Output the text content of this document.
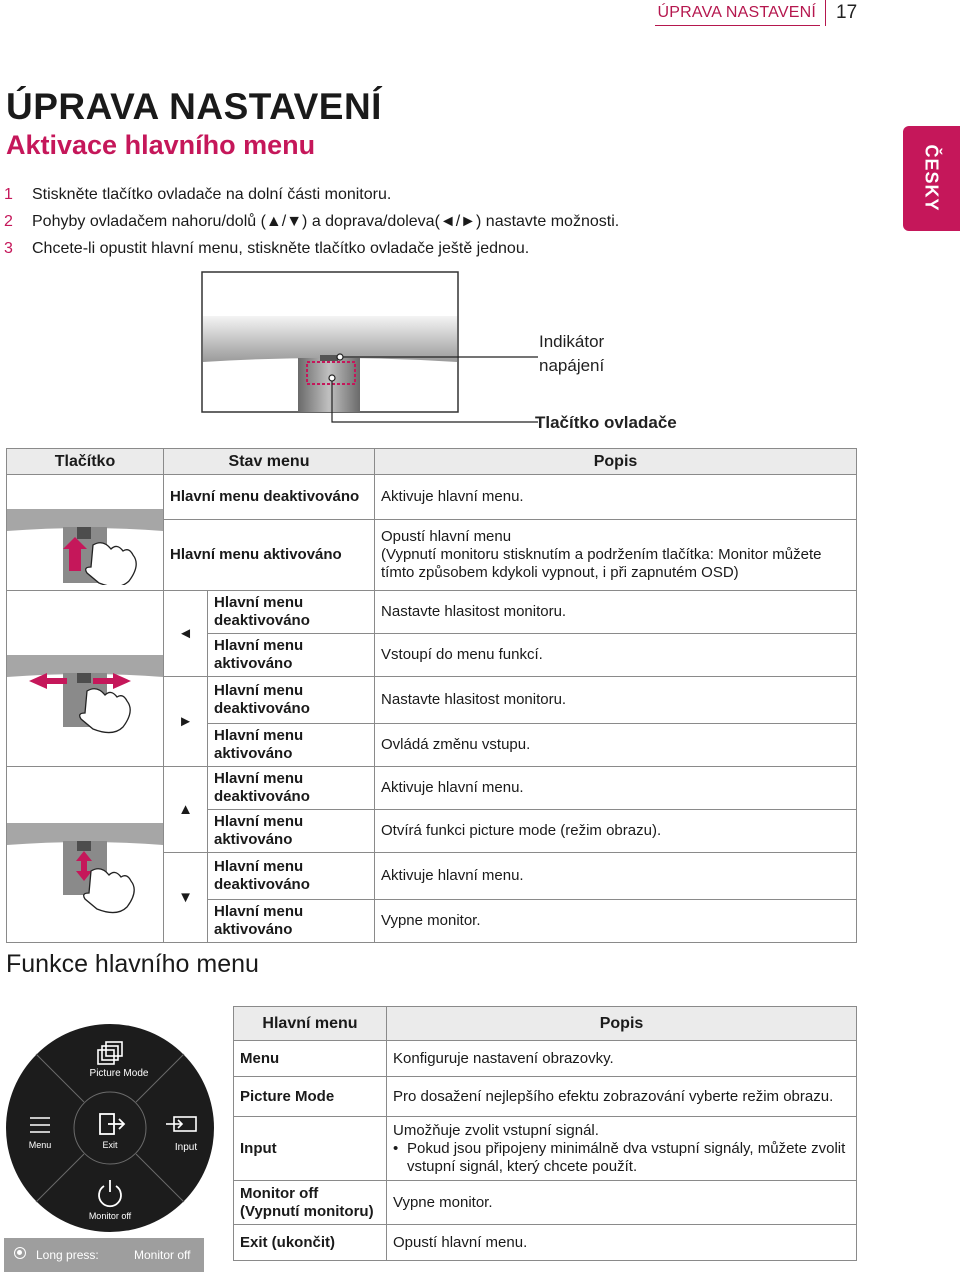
ÚPRAVA NASTAVENÍ 17
ČESKY
ÚPRAVA NASTAVENÍ
Aktivace hlavního menu
1 Stiskněte tlačítko ovladače na dolní části monitoru.
2 Pohyby ovladačem nahoru/dolů (▲/▼) a doprava/doleva(◄/►) nastavte možnosti.
3 Chcete-li opustit hlavní menu, stiskněte tlačítko ovladače ještě jednou.
Indikátor
napájení
Tlačítko ovladače
Tlačítko	Stav menu		Popis
	Hlavní menu deaktivováno		Aktivuje hlavní menu.
	Hlavní menu aktivováno		Opustí hlavní menu
(Vypnutí monitoru stisknutím a podržením tlačítka: Monitor můžete tímto způsobem kdykoli vypnout, i při zapnutém OSD)

	◄	Hlavní menu deaktivováno	Nastavte hlasitost monitoru.
		Hlavní menu aktivováno	Vstoupí do menu funkcí.
	►	Hlavní menu deaktivováno	Nastavte hlasitost monitoru.
		Hlavní menu aktivováno	Ovládá změnu vstupu.
	▲	Hlavní menu deaktivováno	Aktivuje hlavní menu.
		Hlavní menu aktivováno	Otvírá funkci picture mode (režim obrazu).
	▼	Hlavní menu deaktivováno	Aktivuje hlavní menu.
		Hlavní menu aktivováno	Vypne monitor.
Funkce hlavního menu
Picture Mode
Menu	Exit	Input
Monitor off
Long press:	Monitor off
Hlavní menu	Popis
Menu	Konfiguruje nastavení obrazovky.
Picture Mode	Pro dosažení nejlepšího efektu zobrazování vyberte režim obrazu.
Input	Umožňuje zvolit vstupní signál.
• Pokud jsou připojeny minimálně dva vstupní signály, můžete zvolit vstupní signál, který chcete použít.

Monitor off
(Vypnutí monitoru)	Vypne monitor.
Exit (ukončit)	Opustí hlavní menu.
